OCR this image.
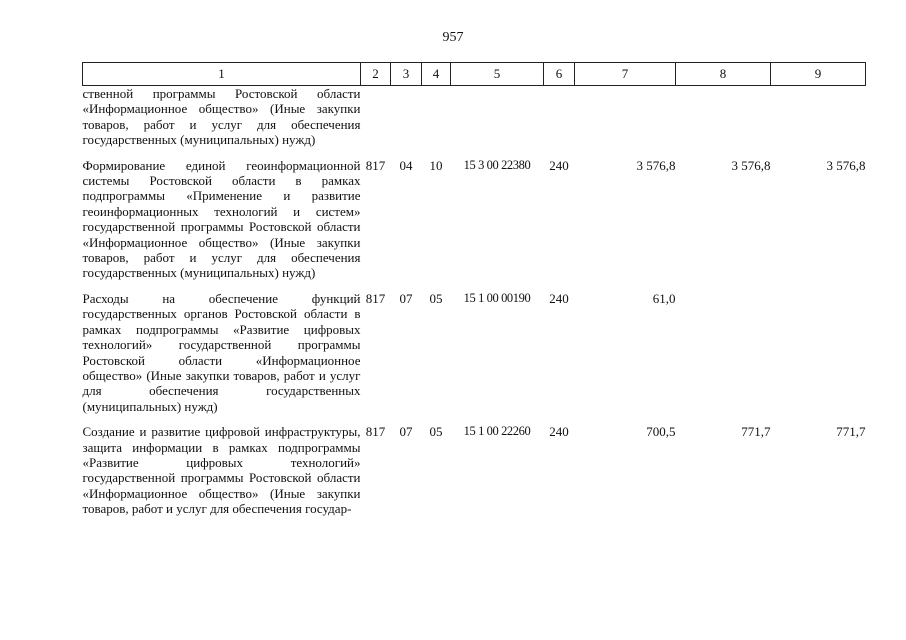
957
1	2	3	4	5	6	7	8	9
ственной программы Ростовской области «Информационное общество» (Иные закупки товаров, работ и услуг для обеспечения государственных (муниципальных) нужд)								
Формирование единой геоинформационной системы Ростовской области в рамках подпрограммы «Применение и развитие геоинформационных технологий и систем» государственной программы Ростовской области «Информационное общество» (Иные закупки товаров, работ и услуг для обеспечения государственных (муниципальных) нужд)	817	04	10	15 3 00 22380	240	3 576,8	3 576,8	3 576,8
Расходы на обеспечение функций государственных органов Ростовской области в рамках подпрограммы «Развитие цифровых технологий» государственной программы Ростовской области «Информационное общество» (Иные закупки товаров, работ и услуг для обеспечения государственных (муниципальных) нужд)	817	07	05	15 1 00 00190	240	61,0		
Создание и развитие цифровой инфраструктуры, защита информации в рамках подпрограммы «Развитие цифровых технологий» государственной программы Ростовской области «Информационное общество» (Иные закупки товаров, работ и услуг для обеспечения государ-	817	07	05	15 1 00 22260	240	700,5	771,7	771,7
